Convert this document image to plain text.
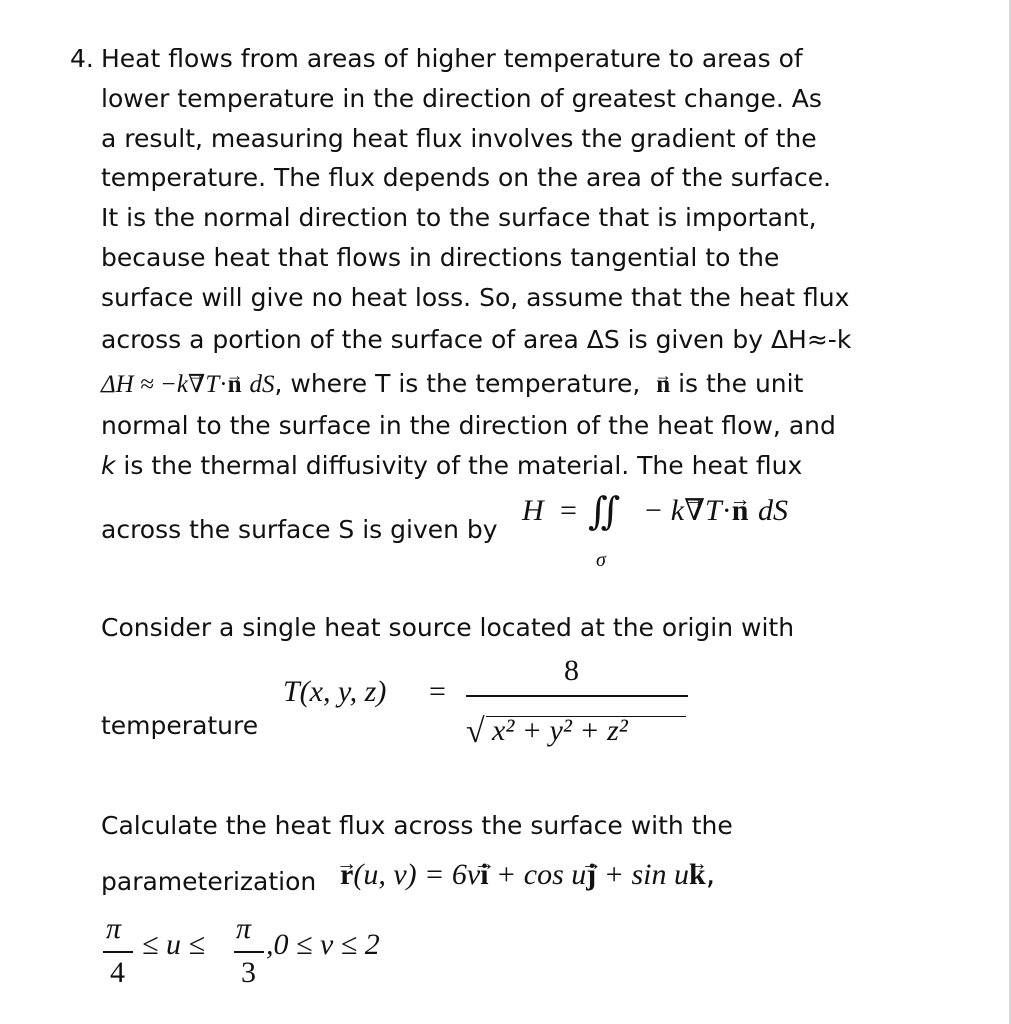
4. Heat flows from areas of higher temperature to areas of
lower temperature in the direction of greatest change. As
a result, measuring heat flux involves the gradient of the
temperature. The flux depends on the area of the surface.
It is the normal direction to the surface that is important,
because heat that flows in directions tangential to the
surface will give no heat loss. So, assume that the heat flux
across a portion of the surface of area ΔS is given by ΔH≈-k
ΔH ≈ −k→ ∇T·→ n dS, where T is the temperature, → n is the unit
normal to the surface in the direction of the heat flow, and
k is the thermal diffusivity of the material. The heat flux
across the surface S is given by
H = ∬
σ
− k→ ∇T·→ n dS
Consider a single heat source located at the origin with
temperature
T(x, y, z) =
8
√ x² + y² + z²
Calculate the heat flux across the surface with the
parameterization → r(u, v) = 6v→ i + cos u→ j + sin u→ k,
π
4
≤ u ≤ π
3
,0 ≤ v ≤ 2
